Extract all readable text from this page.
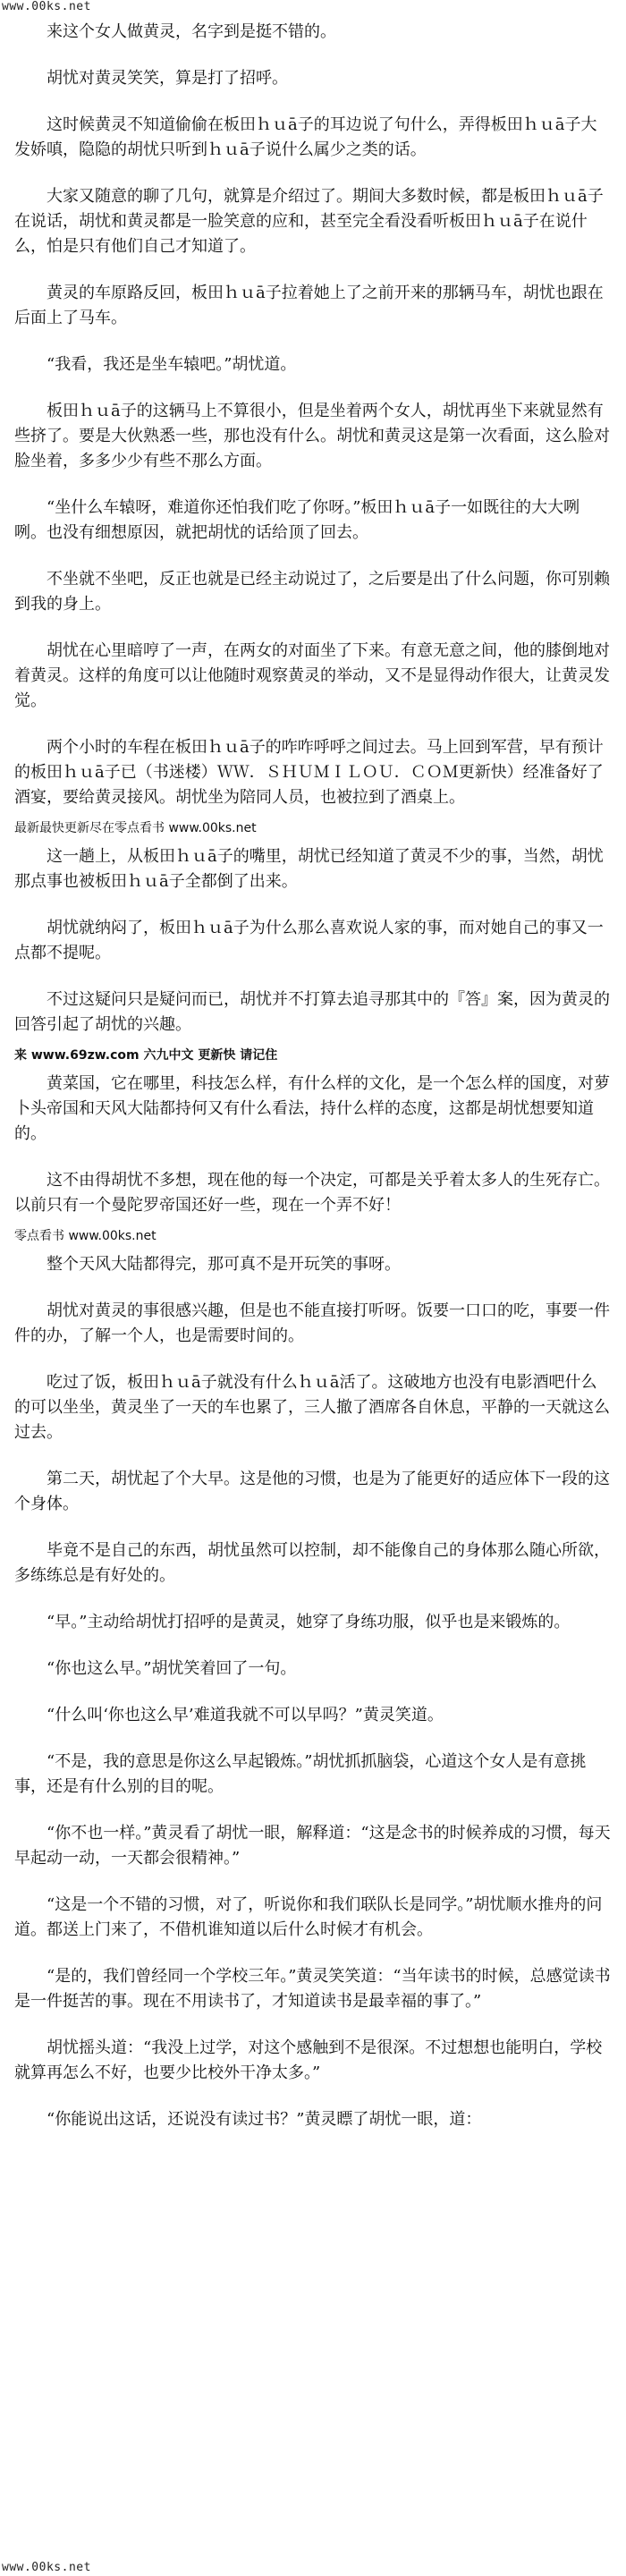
www.00ks.net

来这个女人做黄灵，名字到是挺不错的。

胡忧对黄灵笑笑，算是打了招呼。

这时候黄灵不知道偷偷在板田ｈｕā子的耳边说了句什么，弄得板田ｈｕā子大发娇嗔，隐隐的胡忧只听到ｈｕā子说什么属少之类的话。

大家又随意的聊了几句，就算是介绍过了。期间大多数时候，都是板田ｈｕā子在说话，胡忧和黄灵都是一脸笑意的应和，甚至完全看没看听板田ｈｕā子在说什么，怕是只有他们自己才知道了。

黄灵的车原路反回，板田ｈｕā子拉着她上了之前开来的那辆马车，胡忧也跟在后面上了马车。

“我看，我还是坐车辕吧。”胡忧道。

板田ｈｕā子的这辆马上不算很小，但是坐着两个女人，胡忧再坐下来就显然有些挤了。要是大伙熟悉一些，那也没有什么。胡忧和黄灵这是第一次看面，这么脸对脸坐着，多多少少有些不那么方面。

“坐什么车辕呀，难道你还怕我们吃了你呀。”板田ｈｕā子一如既往的大大咧咧。也没有细想原因，就把胡忧的话给顶了回去。

不坐就不坐吧，反正也就是已经主动说过了，之后要是出了什么问题，你可别赖到我的身上。

胡忧在心里暗哼了一声，在两女的对面坐了下来。有意无意之间，他的膝倒地对着黄灵。这样的角度可以让他随时观察黄灵的举动，又不是显得动作很大，让黄灵发觉。

两个小时的车程在板田ｈｕā子的咋咋呼呼之间过去。马上回到军营，早有预计的板田ｈｕā子已（书迷楼）ＷＷ．ＳＨＵＭＩＬＯＵ．ＣＯＭ更新快）经准备好了酒宴，要给黄灵接风。胡忧坐为陪同人员，也被拉到了酒桌上。

最新最快更新尽在零点看书 www.00ks.net

这一趟上，从板田ｈｕā子的嘴里，胡忧已经知道了黄灵不少的事，当然，胡忧那点事也被板田ｈｕā子全都倒了出来。

胡忧就纳闷了，板田ｈｕā子为什么那么喜欢说人家的事，而对她自己的事又一点都不提呢。

不过这疑问只是疑问而已，胡忧并不打算去追寻那其中的『答』案，因为黄灵的回答引起了胡忧的兴趣。

来 www.69zw.com 六九中文 更新快 请记住

黄菜国，它在哪里，科技怎么样，有什么样的文化，是一个怎么样的国度，对萝卜头帝国和天风大陆都持何又有什么看法，持什么样的态度，这都是胡忧想要知道的。

这不由得胡忧不多想，现在他的每一个决定，可都是关乎着太多人的生死存亡。以前只有一个曼陀罗帝国还好一些，现在一个弄不好！

零点看书 www.00ks.net

整个天风大陆都得完，那可真不是开玩笑的事呀。

胡忧对黄灵的事很感兴趣，但是也不能直接打听呀。饭要一口口的吃，事要一件件的办，了解一个人，也是需要时间的。

吃过了饭，板田ｈｕā子就没有什么ｈｕā活了。这破地方也没有电影酒吧什么的可以坐坐，黄灵坐了一天的车也累了，三人撤了酒席各自休息，平静的一天就这么过去。

第二天，胡忧起了个大早。这是他的习惯，也是为了能更好的适应体下一段的这个身体。

毕竟不是自己的东西，胡忧虽然可以控制，却不能像自己的身体那么随心所欲，多练练总是有好处的。

“早。”主动给胡忧打招呼的是黄灵，她穿了身练功服，似乎也是来锻炼的。

“你也这么早。”胡忧笑着回了一句。

“什么叫‘你也这么早’难道我就不可以早吗？”黄灵笑道。

“不是，我的意思是你这么早起锻炼。”胡忧抓抓脑袋，心道这个女人是有意挑事，还是有什么别的目的呢。

“你不也一样。”黄灵看了胡忧一眼，解释道：“这是念书的时候养成的习惯，每天早起动一动，一天都会很精神。”

“这是一个不错的习惯，对了，听说你和我们联队长是同学。”胡忧顺水推舟的问道。都送上门来了，不借机谁知道以后什么时候才有机会。

“是的，我们曾经同一个学校三年。”黄灵笑笑道：“当年读书的时候，总感觉读书是一件挺苦的事。现在不用读书了，才知道读书是最幸福的事了。”

胡忧摇头道：“我没上过学，对这个感触到不是很深。不过想想也能明白，学校就算再怎么不好，也要少比校外干净太多。”

“你能说出这话，还说没有读过书？”黄灵瞟了胡忧一眼，道：

www.00ks.net
